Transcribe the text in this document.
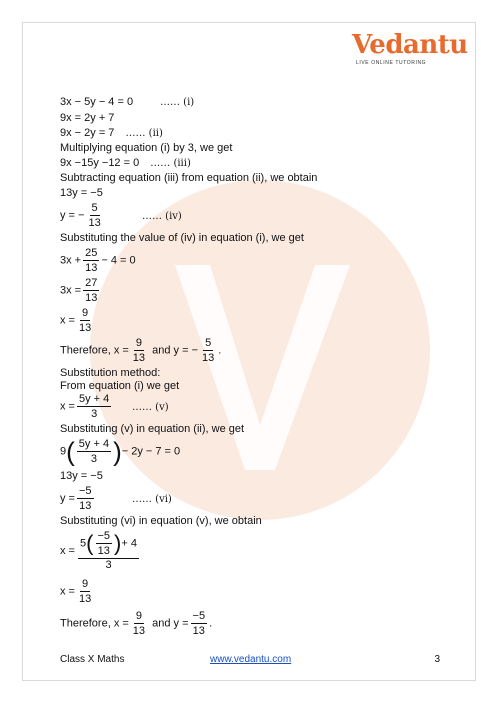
Vedantu
LIVE ONLINE TUTORING
3x − 5y − 4 = 0	…… (i)
9x = 2y + 7
9x − 2y = 7 …… (ii)
Multiplying equation (i) by 3, we get
9x −15y −12 = 0 …… (iii)
Subtracting equation (iii) from equation (ii), we obtain
13y = −5
y = − $\frac{5}{13}$	…… (iv)
Substituting the value of (iv) in equation (i), we get
$3x + \frac{25}{13} - 4 = 0$
$3x = \frac{27}{13}$
$x = \frac{9}{13}$
Therefore, $x = \frac{9}{13}$ and y = − $\frac{5}{13}$ .
Substitution method:
From equation (i) we get
$x = \frac{5y + 4}{3}$ …… (v)
Substituting (v) in equation (ii), we get
$9( \frac{5y + 4}{3}$ )− 2y − 7 = 0
13y = −5
$y = \frac{-5}{13}$	…… (vi)
Substituting (vi) in equation (v), we obtain
$x = \frac{5( \frac{-5}{13} )+ 4}{3}$
$x = \frac{9}{13}$
Therefore, $x = \frac{9}{13}$ and $y = \frac{-5}{13}$ .
Class X Maths	www.vedantu.com	3
